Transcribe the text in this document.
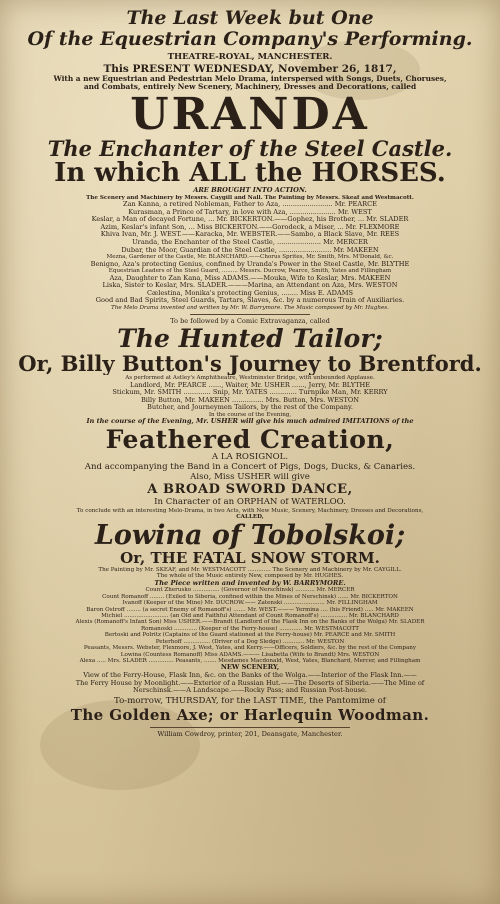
The Last Week but One
Of the Equestrian Company's Performing.
THEATRE-ROYAL, MANCHESTER.
This PRESENT WEDNESDAY, November 26, 1817,
With a new Equestrian and Pedestrian Melo Drama, interspersed with Songs, Duets, Choruses,
and Combats, entirely New Scenery, Machinery, Dresses and Decorations, called
URANDA
The Enchanter of the Steel Castle.
In which ALL the HORSES.
ARE BROUGHT INTO ACTION.
The Scenery and Machinery by Messrs. Caygill and Nall. The Painting by Messrs. Skeaf and Westmacott.
Zan Kanna, a retired Nobleman, Father to Aza, ........................ Mr. PEARCE
Kurasman, a Prince of Tartary, in love with Aza, ...................... Mr. WEST
Keslar, a Man of decayed Fortune, ... Mr. BICKERTON.——Gophez, his Brother, ... Mr. SLADER
Azim, Keslar's infant Son, ... Miss BICKERTON.——Gorodeck, a Miser, ... Mr. FLEXMORE
Khiva Ivan, Mr. J. WEST.——Karacka, Mr. WEBSTER.——Sambo, a Black Slave, Mr. REES
Uranda, the Enchanter of the Steel Castle, ..................... Mr. MERCER
Dubar, the Moor, Guardian of the Steel Castle, ......................... Mr. MAKEEN
Mezna, Gardener of the Castle, Mr. BLANCHARD.——Chorus Sprites, Mr. Smith, Mrs. M'Donald, &c.
Benigno, Aza's protecting Genius, confined by Uranda's Power in the Steel Castle, Mr. BLYTHE
Equestrian Leaders of the Steel Guard, ......... Messrs. Ducrow, Pearce, Smith, Yates and Fillingham
Aza, Daughter to Zan Kana, Miss ADAMS.——Mouka, Wife to Keslar, Mrs. MAKEEN
Liska, Sister to Keslar, Mrs. SLADER.———Marina, an Attendant on Aza, Mrs. WESTON
Cælestina, Monika's protecting Genius, ........ Miss E. ADAMS
Good and Bad Spirits, Steel Guards, Tartars, Slaves, &c. by a numerous Train of Auxiliaries.
The Melo Drama invented and written by Mr. W. Barrymore. The Music composed by Mr. Hughes.
To be followed by a Comic Extravaganza, called
The Hunted Tailor;
Or, Billy Button's Journey to Brentford.
As performed at Astley's Amphitheatre, Westminster Bridge, with unbounded Applause.
Landlord, Mr. PEARCE ......, Waiter, Mr. USHER ......, Jerry, Mr. BLYTHE
Stickum, Mr. SMITH ............. Snip, Mr. YATES ............. Turnpike Man, Mr. KERRY
Billy Button, Mr. MAKEEN ............... Mrs. Button, Mrs. WESTON
Butcher, and Journeymen Tailors, by the rest of the Company.
In the course of the Evening,
In the course of the Evening, Mr. USHER will give his much admired IMITATIONS of the
Feathered Creation,
A LA ROSIGNOL.
And accompanying the Band in a Concert of Pigs, Dogs, Ducks, & Canaries.
Also, Miss USHER will give
A BROAD SWORD DANCE,
In Character of an ORPHAN of WATERLOO.
To conclude with an interesting Melo-Drama, in two Acts, with New Music, Scenery, Machinery, Dresses and Decorations,
CALLED,
Lowina of Tobolskoi;
Or, THE FATAL SNOW STORM.
The Painting by Mr. SKEAF, and Mr. WESTMACOTT ............. The Scenery and Machinery by Mr. CAYGILL.
The whole of the Music entirely New, composed by Mr. HUGHES.
The Piece written and invented by W. BARRYMORE.
Count Zherusko ............... (Governor of Nerschinsk) ........... Mr. MERCER
Count Romanoff ........ (Exiled to Siberia, confined within the Mines of Nerschinsk) ...... Mr. BICKERTON
Ivanoff (Keeper of the Mine) Mr. DUCROW.—— Zatenski ....................... Mr. FILLINGHAM
Baron Ostroff ........ (a secret Enemy of Romanoff's) ....... Mr. WEST.——— Yermina .... (his Friend) ..... Mr. MAKEEN
Michiel ......................... (an Old and Faithful Attendant of Count Romanoff's) ............... Mr. BLANCHARD
Alexis (Romanoff's Infant Son) Miss USHER.——Brandt (Landlord of the Flask Inn on the Banks of the Wolga) Mr. SLADER
Romanoski ............. (Keeper of the Ferry-house) ............. Mr. WESTMACOTT
Bertoski and Polritz (Captains of the Guard stationed at the Ferry-house) Mr. PEARCE and Mr. SMITH
Peterhoff ............... (Driver of a Dog Sledge) ............ Mr. WESTON
Peasants, Messrs. Webster, Flexmore, J. West, Yates, and Kerry.——Officers, Soldiers, &c. by the rest of the Company
Lowina (Countess Romanoff) Miss ADAMS.——— Lisabetta (Wife to Brandt) Mrs. WESTON
Alexa ..... Mrs. SLADER .............. Peasants, ....... Mesdames Macdonald, West, Yates, Blanchard, Mercer, and Fillingham
NEW SCENERY,
View of the Ferry-House, Flask Inn, &c. on the Banks of the Wolga.——Interior of the Flask Inn.——
The Ferry House by Moonlight.——Exterior of a Russian Hut.——The Deserts of Siberia.——The Mine of
Nerschinsk.——A Landscape.——Rocky Pass; and Russian Post-house.
To-morrow, THURSDAY, for the LAST TIME, the Pantomime of
The Golden Axe; or Harlequin Woodman.
William Cowdroy, printer, 201, Deansgate, Manchester.
